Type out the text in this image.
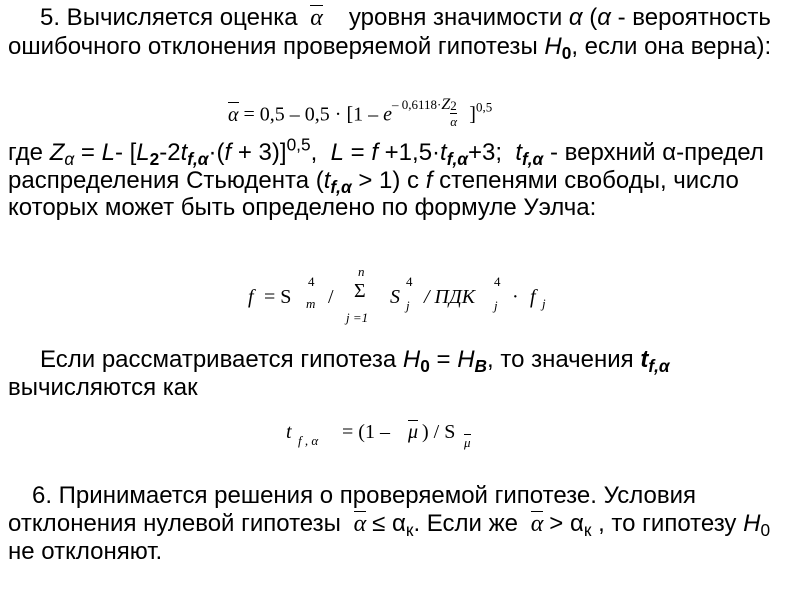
5. Вычисляется оценка α уровня значимости α (α - вероятность ошибочного отклонения проверяемой гипотезы $H_0$, если она верна):

$\alpha = 0,5 - 0,5 \cdot [1 - e^{- 0,6118\cdot Z \frac{2}{\alpha}}$
]$^{0,5}$

где $Z_\alpha = L-$ $[L_2-2t_{f,\alpha}\cdot(f + 3)]^{0,5}$, $L = f +1,5\cdot t_{f,\alpha}+3$; $t_{f,\alpha}$ - верхний α-предел распределения Стьюдента $(t_{f,\alpha} > 1)$ с f степенями свободы, число которых может быть определено по формуле Уэлча:

f = S
4
m /
n
Σ
j =1
S
4
j / ПДК
4
j · f j

Если рассматривается гипотеза $H_0 = H_B$, то значения $t_{f,\alpha}$ вычисляются как

t f , α = (1 – μ ) / S μ

6. Принимается решения о проверяемой гипотезе. Условия отклонения нулевой гипотезы $\alpha \le \alpha_к$. Если же $\alpha > \alpha_к$ , то гипотезу $H_0$ не отклоняют.
